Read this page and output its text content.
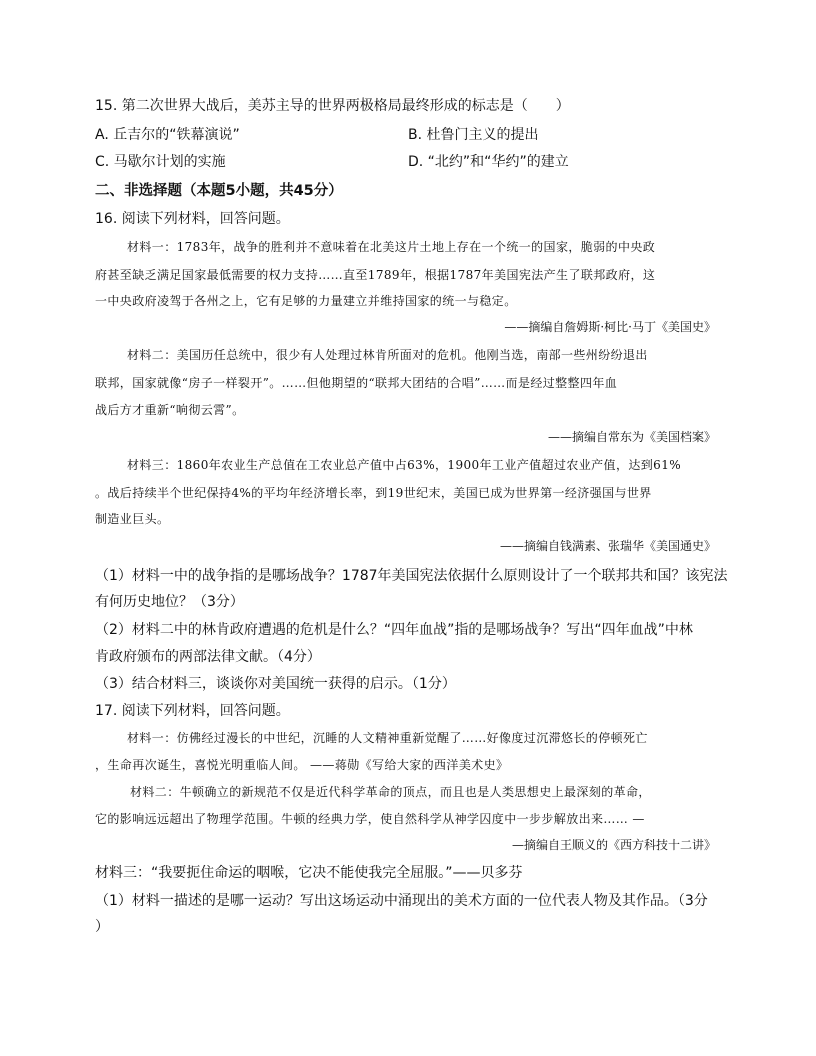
15. 第二次世界大战后，美苏主导的世界两极格局最终形成的标志是（　　）
A. 丘吉尔的“铁幕演说”	B. 杜鲁门主义的提出
C. 马歇尔计划的实施	D. “北约”和“华约”的建立
二、非选择题（本题5小题，共45分）
16. 阅读下列材料，回答问题。
材料一：1783年，战争的胜利并不意味着在北美这片土地上存在一个统一的国家，脆弱的中央政
府甚至缺乏满足国家最低需要的权力支持……直至1789年，根据1787年美国宪法产生了联邦政府，这
一中央政府凌驾于各州之上，它有足够的力量建立并维持国家的统一与稳定。
——摘编自詹姆斯·柯比·马丁《美国史》
材料二：美国历任总统中，很少有人处理过林肯所面对的危机。他刚当选，南部一些州纷纷退出
联邦，国家就像“房子一样裂开”。……但他期望的“联邦大团结的合唱”……而是经过整整四年血
战后方才重新“响彻云霄”。
——摘编自常东为《美国档案》
材料三：1860年农业生产总值在工农业总产值中占63%，1900年工业产值超过农业产值，达到61%
。战后持续半个世纪保持4%的平均年经济增长率，到19世纪末，美国已成为世界第一经济强国与世界
制造业巨头。
——摘编自钱满素、张瑞华《美国通史》
（1）材料一中的战争指的是哪场战争？1787年美国宪法依据什么原则设计了一个联邦共和国？该宪法
有何历史地位？（3分）
（2）材料二中的林肯政府遭遇的危机是什么？“四年血战”指的是哪场战争？写出“四年血战”中林
肯政府颁布的两部法律文献。（4分）
（3）结合材料三，谈谈你对美国统一获得的启示。（1分）
17. 阅读下列材料，回答问题。
材料一：仿佛经过漫长的中世纪，沉睡的人文精神重新觉醒了……好像度过沉滞悠长的停顿死亡
，生命再次诞生，喜悦光明重临人间。 ——蒋勋《写给大家的西洋美术史》
材料二：牛顿确立的新规范不仅是近代科学革命的顶点，而且也是人类思想史上最深刻的革命，
它的影响远远超出了物理学范围。牛顿的经典力学，使自然科学从神学囚度中一步步解放出来…… —
—摘编自王顺义的《西方科技十二讲》
材料三：“我要扼住命运的咽喉，它决不能使我完全屈服。”——贝多芬
（1）材料一描述的是哪一运动？写出这场运动中涌现出的美术方面的一位代表人物及其作品。（3分
）
